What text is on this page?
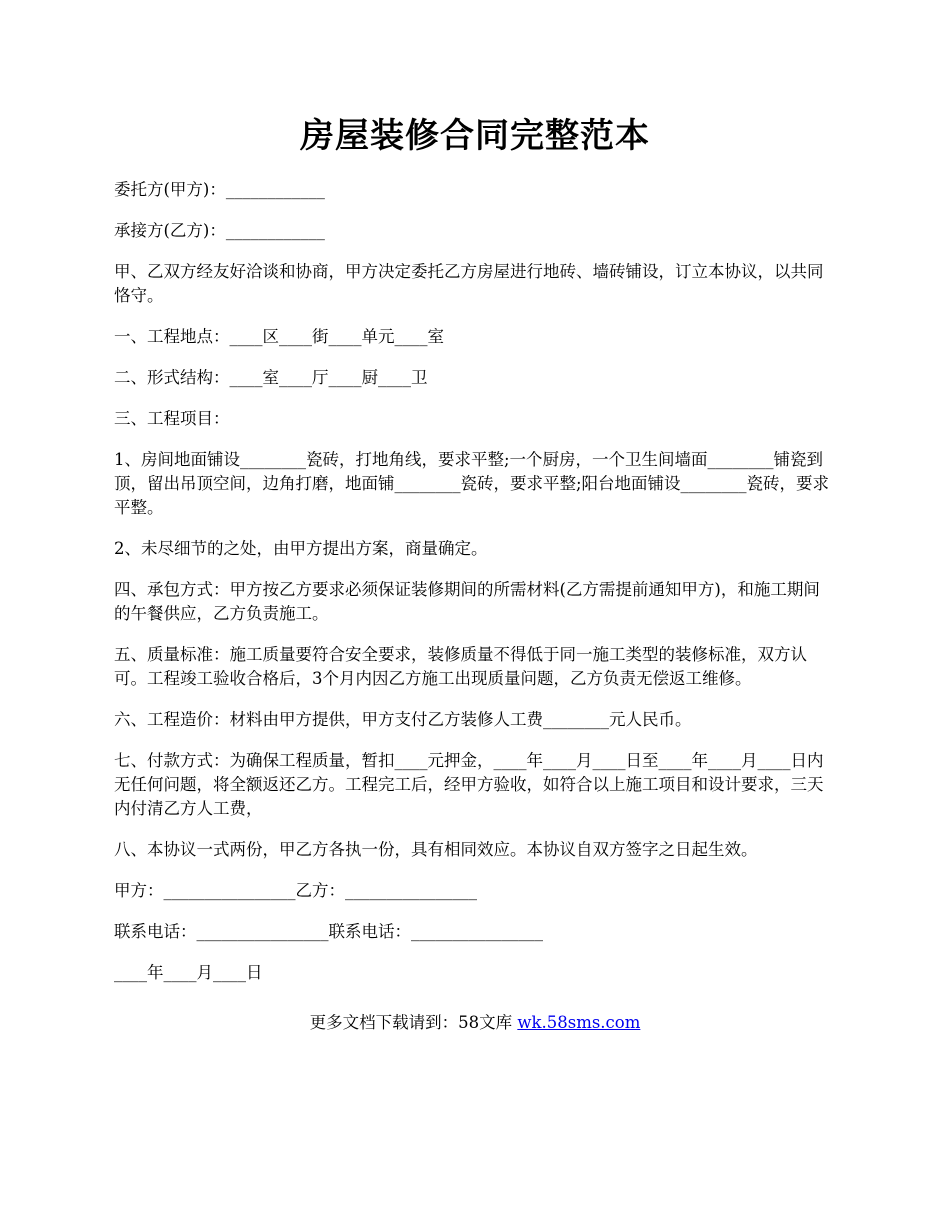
房屋装修合同完整范本

委托方(甲方)：____________

承接方(乙方)：____________

甲、乙双方经友好洽谈和协商，甲方决定委托乙方房屋进行地砖、墙砖铺设，订立本协议，以共同恪守。

一、工程地点：____区____街____单元____室

二、形式结构：____室____厅____厨____卫

三、工程项目：

1、房间地面铺设________瓷砖，打地角线，要求平整;一个厨房，一个卫生间墙面________铺瓷到顶，留出吊顶空间，边角打磨，地面铺________瓷砖，要求平整;阳台地面铺设________瓷砖，要求平整。

2、未尽细节的之处，由甲方提出方案，商量确定。

四、承包方式：甲方按乙方要求必须保证装修期间的所需材料(乙方需提前通知甲方)，和施工期间的午餐供应，乙方负责施工。

五、质量标准：施工质量要符合安全要求，装修质量不得低于同一施工类型的装修标准，双方认可。工程竣工验收合格后，3个月内因乙方施工出现质量问题，乙方负责无偿返工维修。

六、工程造价：材料由甲方提供，甲方支付乙方装修人工费________元人民币。

七、付款方式：为确保工程质量，暂扣____元押金，____年____月____日至____年____月____日内无任何问题，将全额返还乙方。工程完工后，经甲方验收，如符合以上施工项目和设计要求，三天内付清乙方人工费，

八、本协议一式两份，甲乙方各执一份，具有相同效应。本协议自双方签字之日起生效。

甲方：________________乙方：________________

联系电话：________________联系电话：________________

____年____月____日

更多文档下载请到：58文库 wk.58sms.com
